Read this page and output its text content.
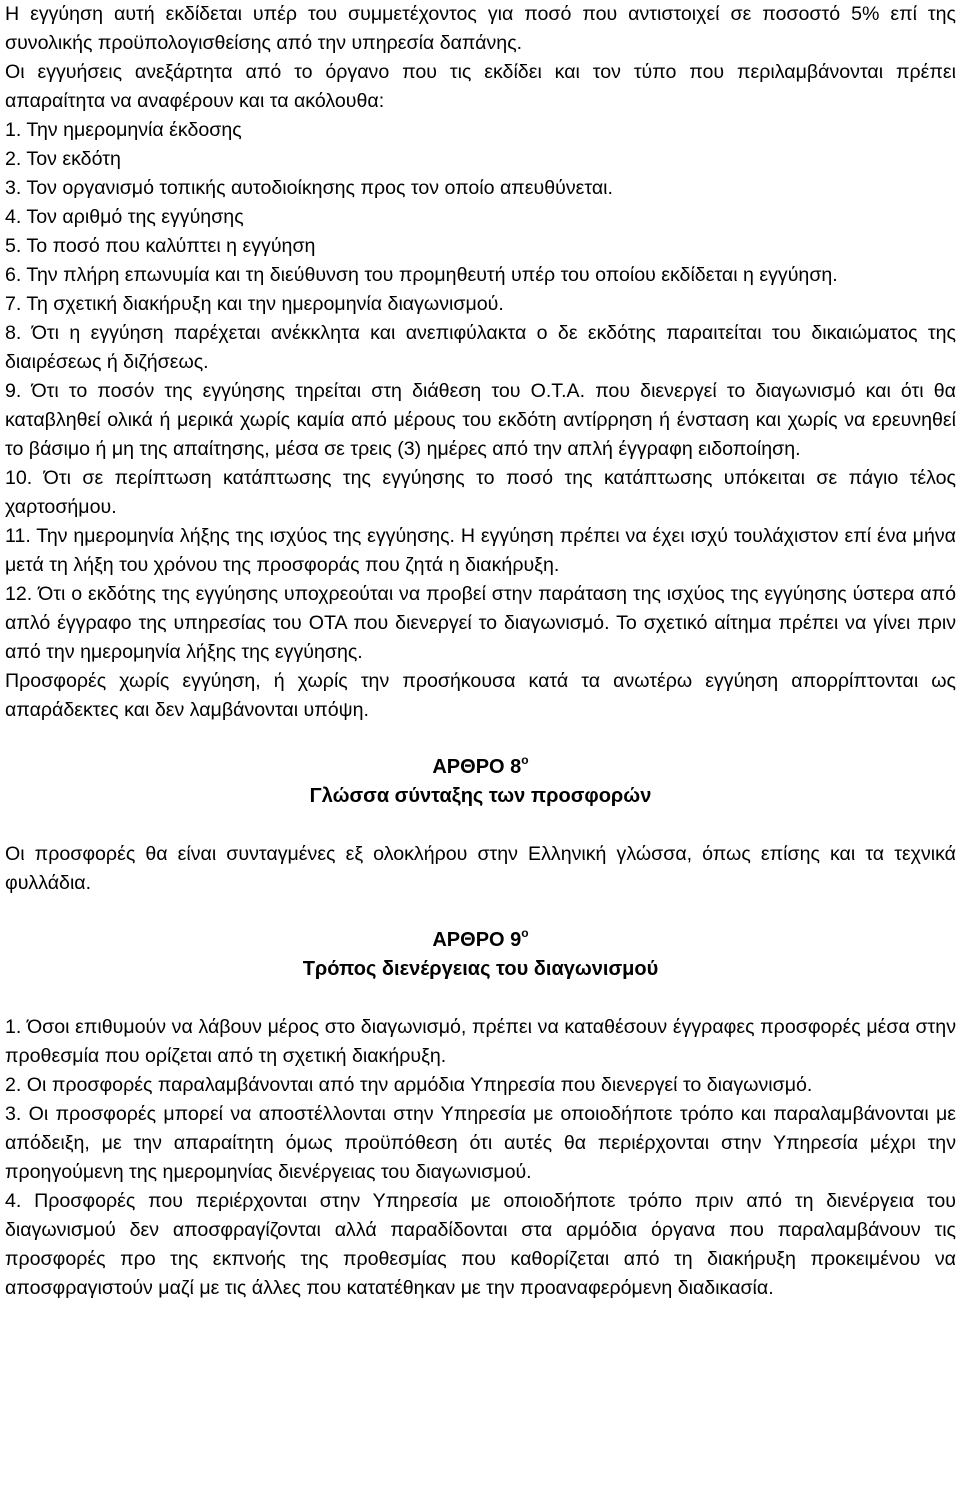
Η εγγύηση αυτή εκδίδεται υπέρ του συμμετέχοντος για ποσό που αντιστοιχεί σε ποσοστό 5% επί της συνολικής προϋπολογισθείσης από την υπηρεσία δαπάνης.

Οι εγγυήσεις ανεξάρτητα από το όργανο που τις εκδίδει και τον τύπο που περιλαμβάνονται πρέπει απαραίτητα να αναφέρουν και τα ακόλουθα:

1. Την ημερομηνία έκδοσης

2. Τον εκδότη

3. Τον οργανισμό τοπικής αυτοδιοίκησης προς τον οποίο απευθύνεται.

4. Τον αριθμό της εγγύησης

5. Το ποσό που καλύπτει η εγγύηση

6. Την πλήρη επωνυμία και τη διεύθυνση του προμηθευτή υπέρ του οποίου εκδίδεται η εγγύηση.

7. Τη σχετική διακήρυξη και την ημερομηνία διαγωνισμού.

8. Ότι η εγγύηση παρέχεται ανέκκλητα και ανεπιφύλακτα ο δε εκδότης παραιτείται του δικαιώματος της διαιρέσεως ή διζήσεως.

9. Ότι το ποσόν της εγγύησης τηρείται στη διάθεση του Ο.Τ.Α. που διενεργεί το διαγωνισμό και ότι θα καταβληθεί ολικά ή μερικά χωρίς καμία από μέρους του εκδότη αντίρρηση ή ένσταση και χωρίς να ερευνηθεί το βάσιμο ή μη της απαίτησης, μέσα σε τρεις (3) ημέρες από την απλή έγγραφη ειδοποίηση.

10. Ότι σε περίπτωση κατάπτωσης της εγγύησης το ποσό της κατάπτωσης υπόκειται σε πάγιο τέλος χαρτοσήμου.

11. Την ημερομηνία λήξης της ισχύος της εγγύησης. Η εγγύηση πρέπει να έχει ισχύ τουλάχιστον επί ένα μήνα μετά τη λήξη του χρόνου της προσφοράς που ζητά η διακήρυξη.

12. Ότι ο εκδότης της εγγύησης υποχρεούται να προβεί στην παράταση της ισχύος της εγγύησης ύστερα από απλό έγγραφο της υπηρεσίας του ΟΤΑ που διενεργεί το διαγωνισμό. Το σχετικό αίτημα πρέπει να γίνει πριν από την ημερομηνία λήξης της εγγύησης.

Προσφορές χωρίς εγγύηση, ή χωρίς την προσήκουσα κατά τα ανωτέρω εγγύηση απορρίπτονται ως απαράδεκτες και δεν λαμβάνονται υπόψη.

ΑΡΘΡΟ $8^o$

Γλώσσα σύνταξης των προσφορών

Οι προσφορές θα είναι συνταγμένες εξ ολοκλήρου στην Ελληνική γλώσσα, όπως επίσης και τα τεχνικά φυλλάδια.

ΑΡΘΡΟ $9^o$

Τρόπος διενέργειας του διαγωνισμού

1. Όσοι επιθυμούν να λάβουν μέρος στο διαγωνισμό, πρέπει να καταθέσουν έγγραφες προσφορές μέσα στην προθεσμία που ορίζεται από τη σχετική διακήρυξη.

2. Οι προσφορές παραλαμβάνονται από την αρμόδια Υπηρεσία που διενεργεί το διαγωνισμό.

3. Οι προσφορές μπορεί να αποστέλλονται στην Υπηρεσία με οποιοδήποτε τρόπο και παραλαμβάνονται με απόδειξη, με την απαραίτητη όμως προϋπόθεση ότι αυτές θα περιέρχονται στην Υπηρεσία μέχρι την προηγούμενη της ημερομηνίας διενέργειας του διαγωνισμού.

4. Προσφορές που περιέρχονται στην Υπηρεσία με οποιοδήποτε τρόπο πριν από τη διενέργεια του διαγωνισμού δεν αποσφραγίζονται αλλά παραδίδονται στα αρμόδια όργανα που παραλαμβάνουν τις προσφορές προ της εκπνοής της προθεσμίας που καθορίζεται από τη διακήρυξη προκειμένου να αποσφραγιστούν μαζί με τις άλλες που κατατέθηκαν με την προαναφερόμενη διαδικασία.
